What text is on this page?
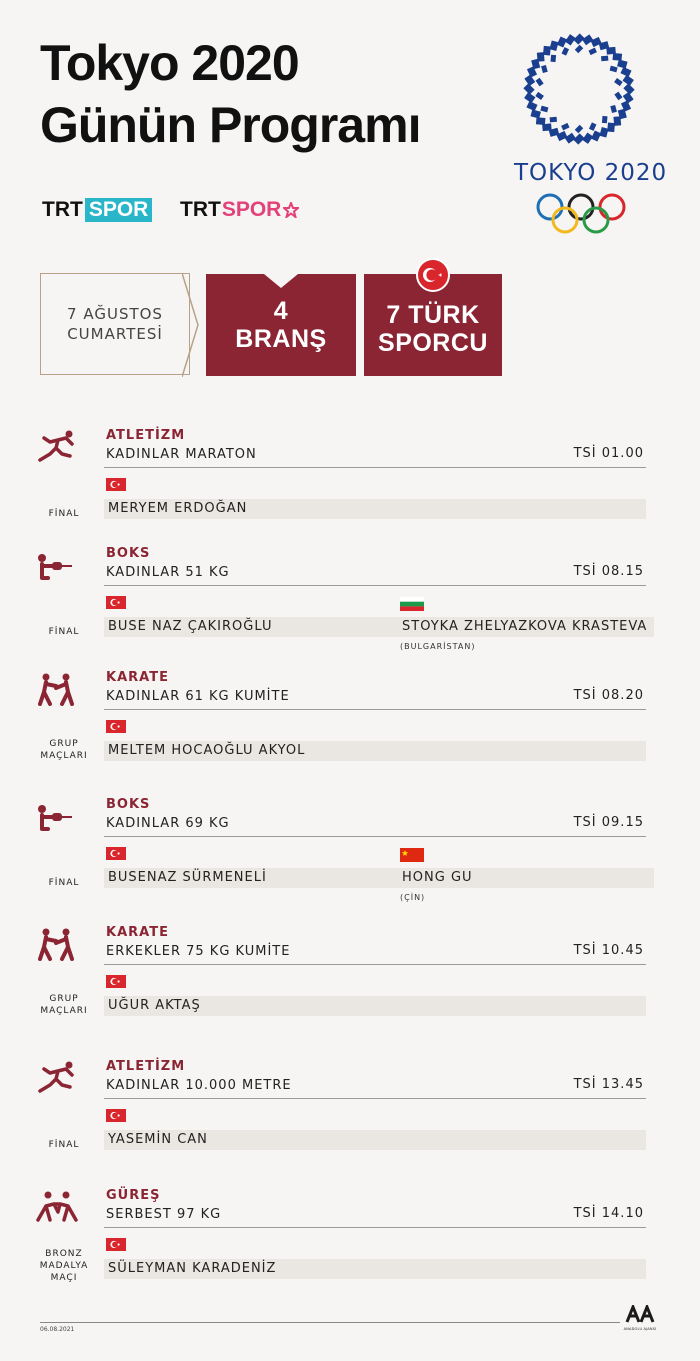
Tokyo 2020
Günün Programı
TRT SPOR TRT SPOR
TOKYO 2020
7 AĞUSTOS
CUMARTESİ
4
BRANŞ
7 TÜRK
SPORCU
ATLETİZM
KADINLAR MARATON	TSİ 01.00
MERYEM ERDOĞAN
FİNAL
BOKS
KADINLAR 51 KG	TSİ 08.15
BUSE NAZ ÇAKIROĞLU	STOYKA ZHELYAZKOVA KRASTEVA
(BULGARİSTAN)
FİNAL
KARATE
KADINLAR 61 KG KUMİTE	TSİ 08.20
MELTEM HOCAOĞLU AKYOL
GRUP
MAÇLARI
BOKS
KADINLAR 69 KG	TSİ 09.15
BUSENAZ SÜRMENELİ	HONG GU
(ÇİN)
FİNAL
KARATE
ERKEKLER 75 KG KUMİTE	TSİ 10.45
UĞUR AKTAŞ
GRUP
MAÇLARI
ATLETİZM
KADINLAR 10.000 METRE	TSİ 13.45
YASEMİN CAN
FİNAL
GÜREŞ
SERBEST 97 KG	TSİ 14.10
SÜLEYMAN KARADENİZ
BRONZ
MADALYA
MAÇI
06.08.2021	ANADOLU AJANSI
